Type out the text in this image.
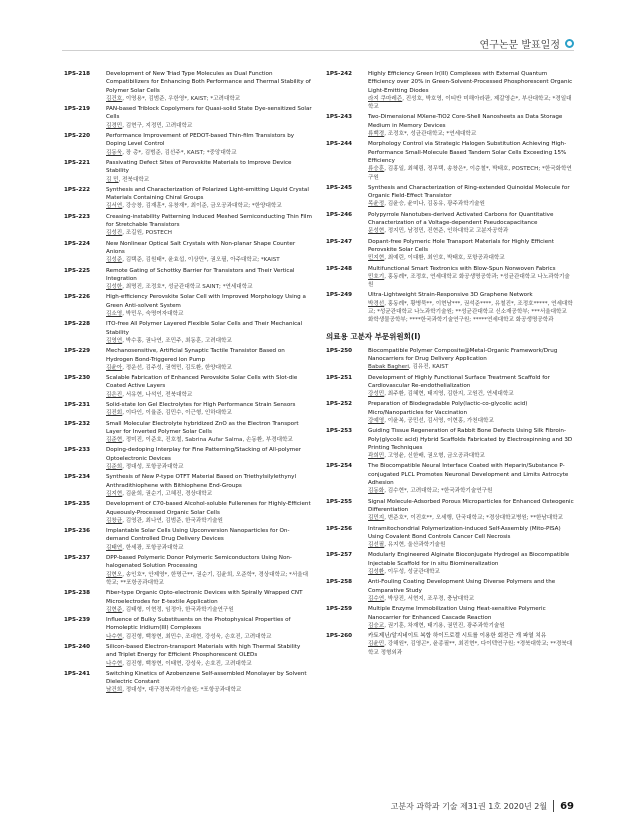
연구논문 발표일정
1PS-218	Development of New Triad Type Molecules as Dual Function Compatibilizers for Enhancing Both Performance and Thermal Stability of Polymer Solar Cells
김건호, 이영용*, 김범준, 우한영*, KAIST; *고려대학교
1PS-219	PAN-based Triblock Copolymers for Quasi-solid State Dye-sensitized Solar Cells
김경민, 김현구, 지정민, 고려대학교
1PS-220	Performance Improvement of PEDOT-based Thin-film Transistors by Doping Level Control
김동욱, 장 총*, 김범준, 김선주*, KAIST; *중앙대학교
1PS-221	Passivating Defect Sites of Perovskite Materials to Improve Device Stability
김 민, 전북대학교
1PS-222	Synthesis and Characterization of Polarized Light-emitting Liquid Crystal Materials Containing Chiral Groups
김서연, 강승창, 김재훈*, 유창재*, 최이준, 금오공과대학교; *한양대학교
1PS-223	Creasing-instability Patterning Induced Meshed Semiconducting Thin Film for Stretchable Transistors
김성진, 조길원, POSTECH
1PS-224	New Nonlinear Optical Salt Crystals with Non-planar Shape Counter Anions
김성준, 김택준, 김원태*, 윤효섭, 이상민*, 권오필, 아주대학교; *KAIST
1PS-225	Remote Gating of Schottky Barrier for Transistors and Their Vertical Integration
김성한, 최명진, 조정호*, 성균관대학교 SAINT; *연세대학교
1PS-226	High-efficiency Perovskite Solar Cell with Improved Morphology Using a Green Anti-solvent System
김소영, 박민우, 숙명여자대학교
1PS-228	ITO-free All Polymer Layered Flexible Solar Cells and Their Mechanical Stability
김영연, 박수홍, 권나연, 조민주, 최동훈, 고려대학교
1PS-229	Mechanosensitive, Artificial Synaptic Tactile Transistor Based on Hydrogen Bond-Triggered Ion Pump
김윤아, 정운선, 김주성, 권혁민, 김도환, 한양대학교
1PS-230	Scalable Fabrication of Enhanced Perovskite Solar Cells with Slot-die Coated Active Layers
김은진, 서유현, 나석인, 전북대학교
1PS-231	Solid-state Ion Gel Electrolytes for High Performance Strain Sensors
김진회, 이다인, 이율준, 김민수, 이근형, 인하대학교
1PS-232	Small Molecular Electrolyte hybridized ZnO as the Electron Transport Layer for Inverted Polymer Solar Cells
김준현, 정미진, 이준호, 진호철, Sabrina Aufar Salma, 손동환, 부경대학교
1PS-233	Doping-dedoping Interplay for Fine Patterning/Stacking of All-polymer Optoelectronic Devices
김준희, 정대성, 포항공과대학교
1PS-234	Synthesis of New P-type OTFT Material Based on Triethylsilylethynyl Anthradithiophene with Bithiophene End-Groups
김지현, 김윤희, 권순기, 고혜진, 경상대학교
1PS-235	Development of C70-based Alcohol-soluble Fullerenes for Highly-Efficient Aqueously-Processed Organic Solar Cells
김창균, 김영관, 최나연, 김범준, 한국과학기술원
1PS-236	Implantable Solar Cells Using Upconversion Nanoparticles for On-demand Controlled Drug Delivery Devices
김태연, 한세광, 포항공과대학교
1PS-237	DPP-based Polymeric Donor Polymeric Semiconductors Using Non-halogenated Solution Processing
김현오, 송인호*, 안제영*, 한명근**, 권순기, 김윤희, 오준학*, 경상대학교; *서울대학교; **포항공과대학교
1PS-238	Fiber-type Organic Opto-electronic Devices with Spirally Wrapped CNT Microelectrodes for E-textile Application
김현준, 김태형, 이현정, 임정아, 한국과학기술연구원
1PS-239	Influence of Bulky Substituents on the Photophysical Properties of Homoleptic Iridium(III) Complexes
나수현, 김진형, 백창현, 최민수, 조대현, 강성욱, 손호진, 고려대학교
1PS-240	Silicon-based Electron-transport Materials with high Thermal Stability and Triplet Energy for Efficient Phosphorescent OLEDs
나수현, 김진형, 백창현, 이태현, 강성욱, 손호진, 고려대학교
1PS-241	Switching Kinetics of Azobenzene Self-assembled Monolayer by Solvent Dielectric Constant
남건희, 정대성*, 대구경북과학기술원; *포항공과대학교
1PS-242	Highly Efficiency Green Ir(III) Complexes with External Quantum Efficiency over 20% in Green-Solvent-Processed Phosphorescent Organic Light-Emitting Diodes
라지 쿠마레즌, 진성호, 박호영, 이티반 미해아라판, 제갈영순*, 부산대학교; *경일대학교
1PS-243	Two-Dimensional MXene-TiO2 Core-Shell Nanosheets as Data Storage Medium in Memory Devices
류백경, 조정호*, 성균관대학교; *연세대학교
1PS-244	Morphology Control via Strategic Halogen Substitution Achieving High-Performance Small-Molecule Based Tandem Solar Cells Exceeding 15% Efficiency
류승훈, 김홍일, 최혜림, 정무택, 송창은*, 이층철*, 박태호, POSTECH; *한국화학연구원
1PS-245	Synthesis and Characterization of Ring-extended Quinoidal Molecule for Organic Field-Effect Transistor
목윤정, 김윤승, 윤미나, 김동유, 광주과학기술원
1PS-246	Polypyrrole Nanotubes-derived Activated Carbons for Quantitative Characterization of a Voltage-dependent Pseudocapacitance
문성현, 정지민, 남정민, 진현준, 인하대학교 고분자공학과
1PS-247	Dopant-free Polymeric Hole Transport Materials for Highly Efficient Perovskite Solar Cells
민지현, 최예린, 이대환, 최인호, 박태호, 포항공과대학교
1PS-248	Multifunctional Smart Textronics with Blow-Spun Nonwoven Fabrics
민호기, 홍동례*, 조정호, 연세대학교 화공생명공학과; *성균관대학교 나노과학기술원
1PS-249	Ultra-Lightweight Strain-Responsive 3D Graphene Network
박경선, 홍동례*, 황병묵**, 이현남***, 권석준****, 유철진*, 조정호*****, 연세대학교; *성균관대학교 나노과학기술원; **성균관대학교 신소재공학부; ***서울대학교 화학생물공학부; ****한국과학기술연구원; *****연세대학교 화공생명공학과
의료용 고분자 부문위원회(I)
1PS-250	Biocompatible Polymer Composite@Metal-Organic Framework/Drug Nanocarriers for Drug Delivery Application
Babak Bagheri, 김유진, KAIST
1PS-251	Development of Highly Functional Surface Treatment Scaffold for Cardiovascular Re-endothelialization
강성민, 최주환, 김혜현, 태지영, 김한지, 고원건, 연세대학교
1PS-252	Preparation of Biodegradable Poly(lactic-co-glycolic acid) Micro/Nanoparticles for Vaccination
강예영, 이윤복, 공민선, 김서영, 이현홍, 가천대학교
1PS-253	Guiding Tissue Regeneration of Rabbit Bone Defects Using Silk Fibroin-Poly(glycolic acid) Hybrid Scaffolds Fabricated by Electrospinning and 3D Printing Techniques
곽희민, 고영윤, 신한배, 권오형, 금오공과대학교
1PS-254	The Biocompatible Neural Interface Coated with Heparin/Substance P-conjugated PLCL Promotes Neuronal Development and Limits Astrocyte Adhesion
김동화, 김수현*, 고려대학교; *한국과학기술연구원
1PS-255	Signal Molecule-Adsorbed Porous Microparticles for Enhanced Osteogenic Differentiation
김민지, 변준호*, 이진호**, 오세행, 단국대학교; *경상대학교병원; **한남대학교
1PS-256	Intramitochondrial Polymerization-induced Self-Assembly (Mito-PISA) Using Covalent Bond Controls Cancer Cell Necrosis
김선필, 유지현, 울산과학기술원
1PS-257	Modularly Engineered Alginate Bioconjugate Hydrogel as Biocompatible Injectable Scaffold for in situ Biomineralization
김성환, 이두성, 성균관대학교
1PS-258	Anti-Fouling Coating Development Using Diverse Polymers and the Comparative Study
김수연, 박상진, 서현지, 조무경, 충남대학교
1PS-259	Multiple Enzyme Immobilization Using Heat-sensitive Polymeric Nanocarrier for Enhanced Cascade Reaction
김승교, 권기훈, 차재현, 태기용, 권민진, 광주과학기술원
1PS-260	카토제닌/알지네이트 복합 하이드로겔 시트를 이용한 회전근 개 파열 치유
김윤민, 강해원*, 김영곤*, 윤종필**, 최진현*, 다이텍연구원; *경북대학교; **경북대학교 정형외과
고분자 과학과 기술 제31권 1호 2020년 2월 69
